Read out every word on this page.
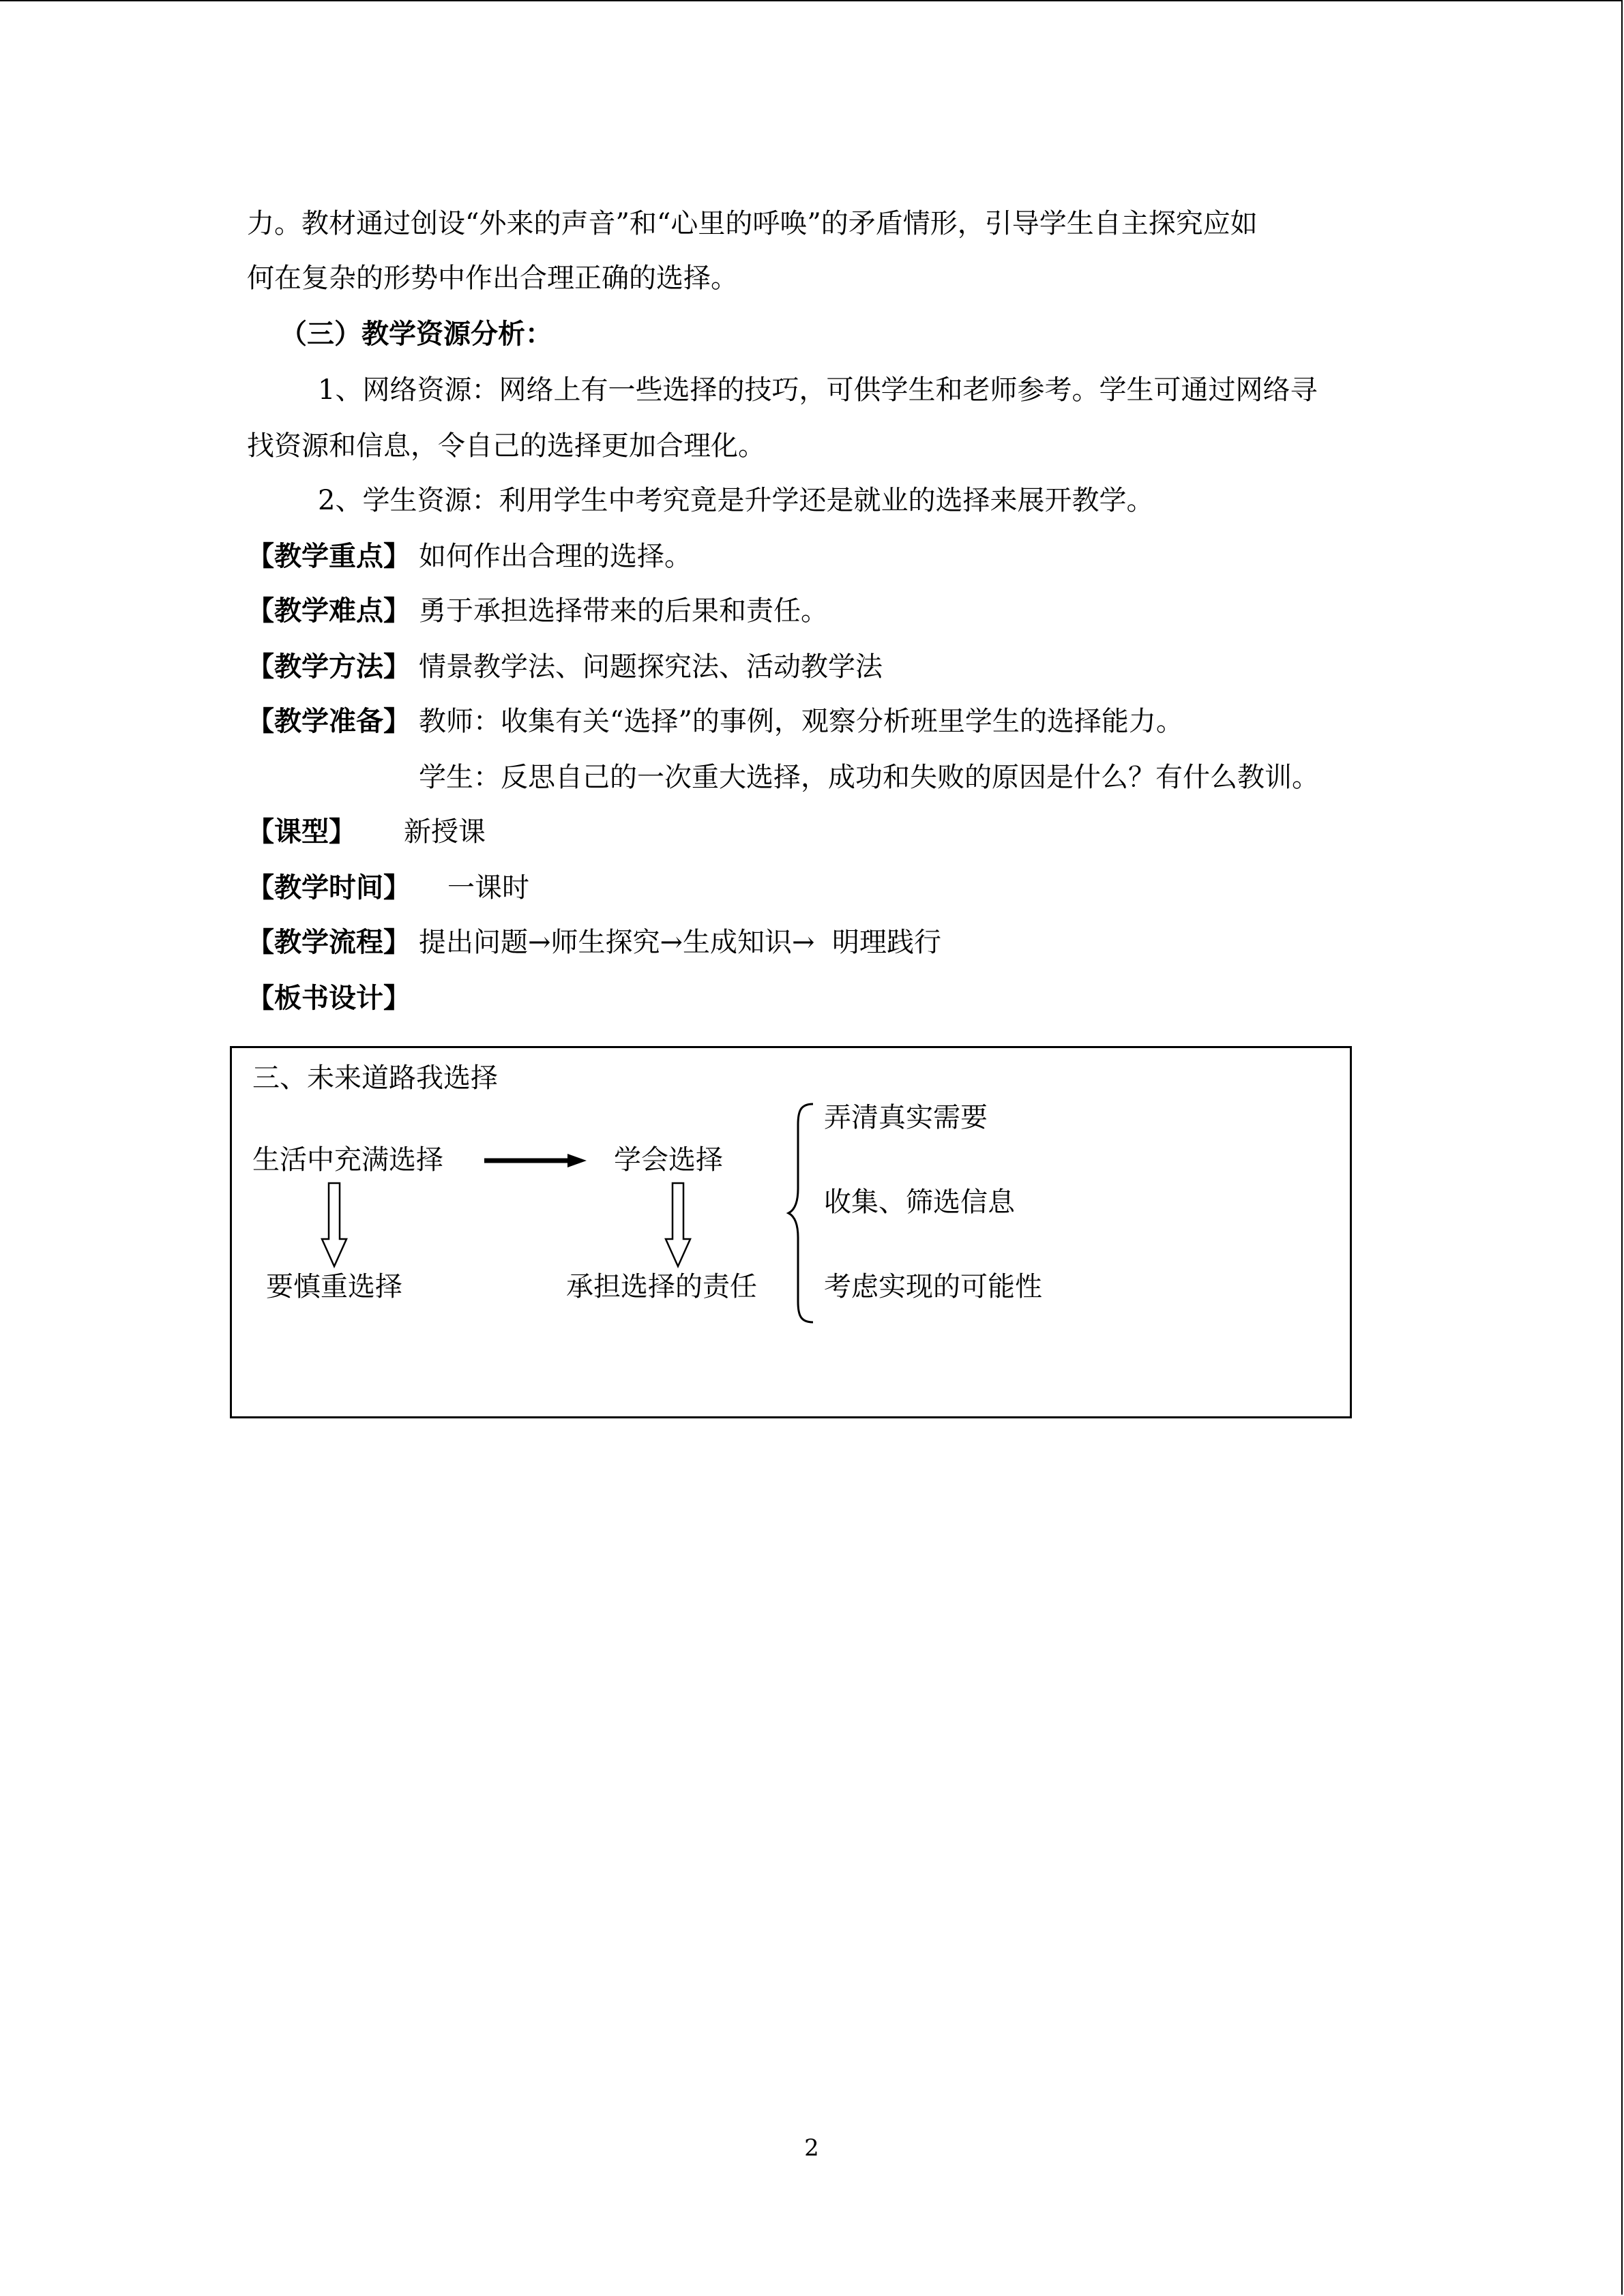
力。教材通过创设“外来的声音”和“心里的呼唤”的矛盾情形，引导学生自主探究应如
何在复杂的形势中作出合理正确的选择。
（三）教学资源分析：
1、网络资源：网络上有一些选择的技巧，可供学生和老师参考。学生可通过网络寻
找资源和信息，令自己的选择更加合理化。
2、学生资源：利用学生中考究竟是升学还是就业的选择来展开教学。
【教学重点】 如何作出合理的选择。
【教学难点】 勇于承担选择带来的后果和责任。
【教学方法】 情景教学法、问题探究法、活动教学法
【教学准备】 教师：收集有关“选择”的事例，观察分析班里学生的选择能力。
学生：反思自己的一次重大选择，成功和失败的原因是什么？有什么教训。
【课型】 新授课
【教学时间】 一课时
【教学流程】 提出问题→师生探究→生成知识→  明理践行
【板书设计】
三、未来道路我选择
生活中充满选择
要慎重选择
学会选择
承担选择的责任
弄清真实需要
收集、筛选信息
考虑实现的可能性
2
